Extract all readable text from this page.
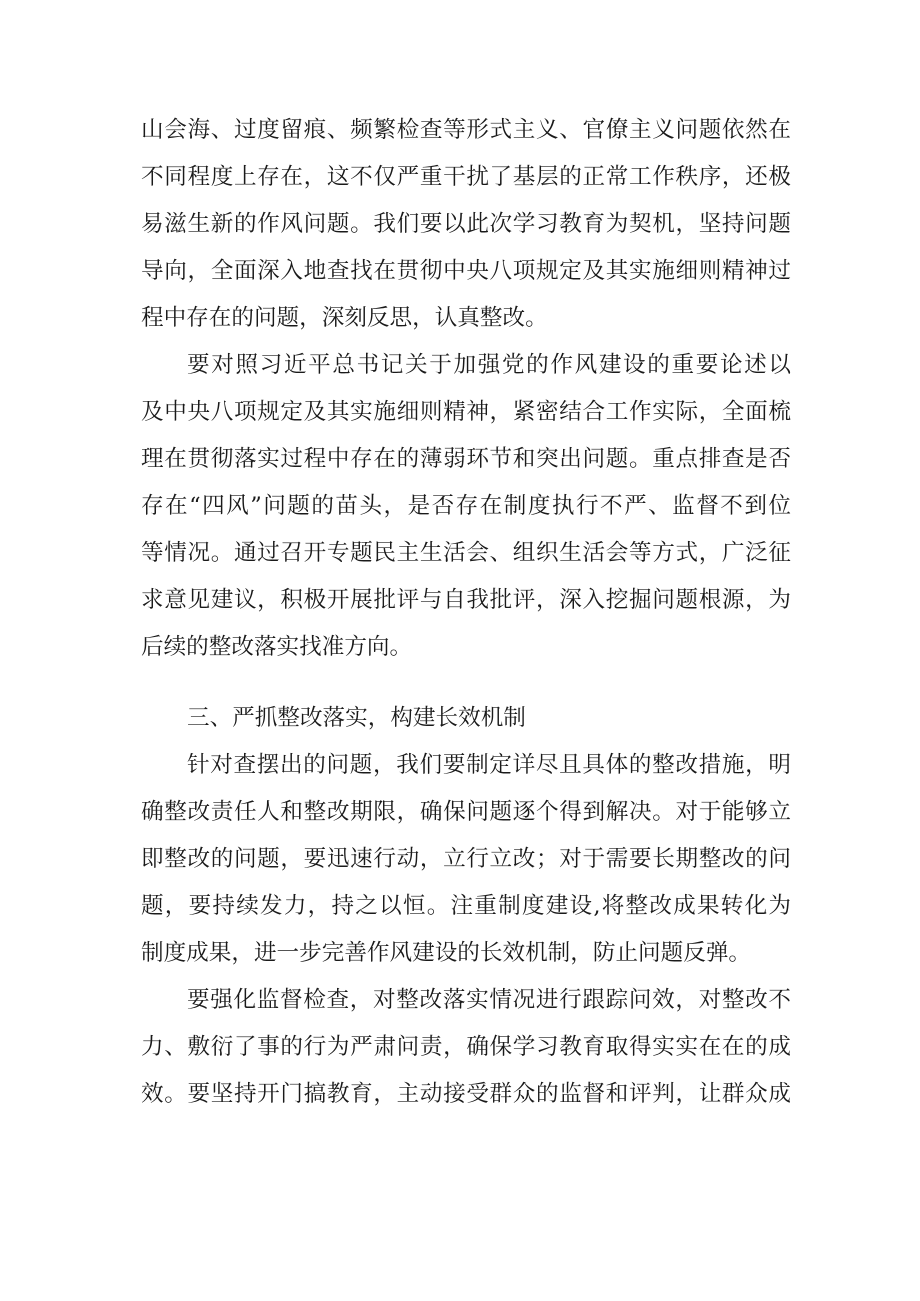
山会海、过度留痕、频繁检查等形式主义、官僚主义问题依然在
不同程度上存在，这不仅严重干扰了基层的正常工作秩序，还极
易滋生新的作风问题。我们要以此次学习教育为契机，坚持问题
导向，全面深入地查找在贯彻中央八项规定及其实施细则精神过
程中存在的问题，深刻反思，认真整改。
要对照习近平总书记关于加强党的作风建设的重要论述以
及中央八项规定及其实施细则精神，紧密结合工作实际，全面梳
理在贯彻落实过程中存在的薄弱环节和突出问题。重点排查是否
存在“四风”问题的苗头，是否存在制度执行不严、监督不到位
等情况。通过召开专题民主生活会、组织生活会等方式，广泛征
求意见建议，积极开展批评与自我批评，深入挖掘问题根源，为
后续的整改落实找准方向。
三、严抓整改落实，构建长效机制
针对查摆出的问题，我们要制定详尽且具体的整改措施，明
确整改责任人和整改期限，确保问题逐个得到解决。对于能够立
即整改的问题，要迅速行动，立行立改；对于需要长期整改的问
题，要持续发力，持之以恒。注重制度建设,将整改成果转化为
制度成果，进一步完善作风建设的长效机制，防止问题反弹。
要强化监督检查，对整改落实情况进行跟踪问效，对整改不
力、敷衍了事的行为严肃问责，确保学习教育取得实实在在的成
效。要坚持开门搞教育，主动接受群众的监督和评判，让群众成
